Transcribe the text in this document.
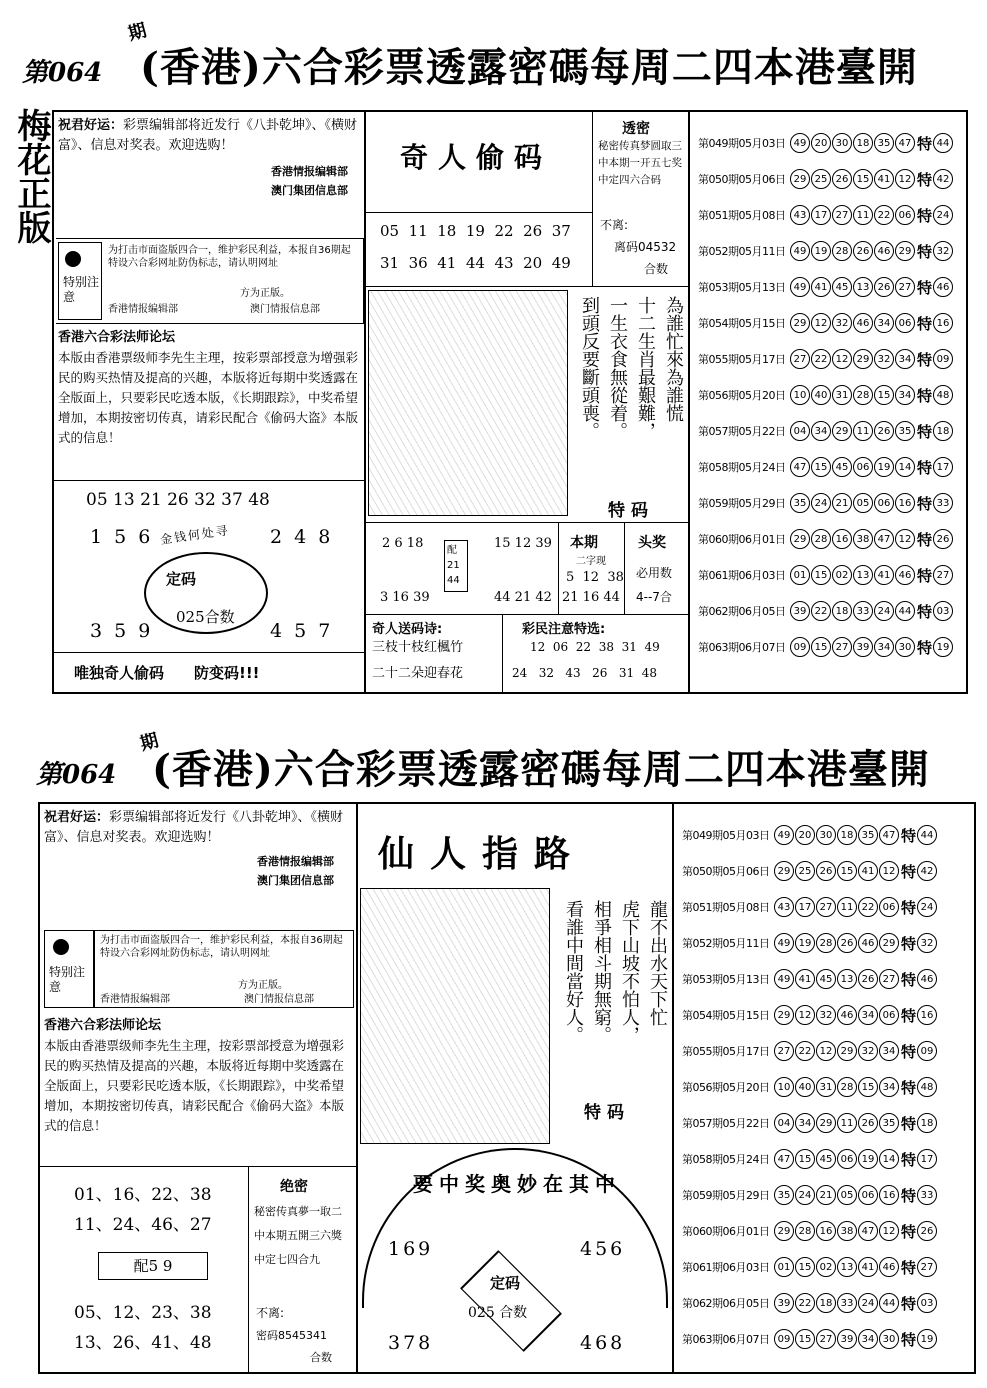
第064
期
(香港)六合彩票透露密碼每周二四本港臺開
梅花正版 祝君好运：彩票编辑部将近发行《八卦乾坤》、《横财富》、信息对奖表。欢迎选购！
香港情报编辑部
澳门集团信息部
特别注意
为打击市面盗版四合一，维护彩民利益，本报自36期起特设六合彩网址防伪标志，请认明网址
方为正版。
香港情报编辑部	澳门情报信息部
香港六合彩法师论坛
本版由香港票级师李先生主理，按彩票部授意为增强彩民的购买热情及提高的兴趣，本版将近每期中奖透露在全版面上，只要彩民吃透本版，《长期跟踪》，中奖希望增加，本期按密切传真，请彩民配合《偷码大盗》本版式的信息！
05 13 21 26 32 37 48
1 5 6	2 4 8
金钱何处寻
定码
025合数
3 5 9	4 5 7
唯独奇人偷码　　防变码!!!
奇人偷码
05  11  18  19  22  26  37
31  36  41  44  43  20  49
透密
秘密传真梦圆取三中本期一开五七奖中定四六合码
不离:
离码04532
合数
為誰忙來為誰慌
十二生肖最艱難，
一生衣食無從着。
到頭反要斷頭喪。
特码
2 6 18
3 16 39
配21 44
15 12 39
44 21 42
本期
二字现
5  12  38
21 16 44
头奖
必用数
4--7合
奇人送码诗:
三枝十枝红楓竹
二十二朵迎春花
彩民注意特选:
12  06  22  38  31  49
24   32   43   26   31  48
第049期05月03日 49 20 30 18 35 47 特 44
第050期05月06日 29 25 26 15 41 12 特 42
第051期05月08日 43 17 27 11 22 06 特 24
第052期05月11日 49 19 28 26 46 29 特 32
第053期05月13日 49 41 45 13 26 27 特 46
第054期05月15日 29 12 32 46 34 06 特 16
第055期05月17日 27 22 12 29 32 34 特 09
第056期05月20日 10 40 31 28 15 34 特 48
第057期05月22日 04 34 29 11 26 35 特 18
第058期05月24日 47 15 45 06 19 14 特 17
第059期05月29日 35 24 21 05 06 16 特 33
第060期06月01日 29 28 16 38 47 12 特 26
第061期06月03日 01 15 02 13 41 46 特 27
第062期06月05日 39 22 18 33 24 44 特 03
第063期06月07日 09 15 27 39 34 30 特 19
第064
期
(香港)六合彩票透露密碼每周二四本港臺開
祝君好运：彩票编辑部将近发行《八卦乾坤》、《横财富》、信息对奖表。欢迎选购！
香港情报编辑部
澳门集团信息部
特别注意
为打击市面盗版四合一，维护彩民利益，本报自36期起特设六合彩网址防伪标志，请认明网址
方为正版。
香港情报编辑部	澳门情报信息部
香港六合彩法师论坛
本版由香港票级师李先生主理，按彩票部授意为增强彩民的购买热情及提高的兴趣，本版将近每期中奖透露在全版面上，只要彩民吃透本版，《长期跟踪》，中奖希望增加，本期按密切传真，请彩民配合《偷码大盗》本版式的信息！
01、16、22、38
11、24、46、27
配5 9
05、12、23、38
13、26、41、48
绝密
秘密传真夢一取二中本期五開三六獎中定七四合九
不离:
密码8545341
合数
仙人指路
龍不出水天下忙
虎下山坡不怕人，
相爭相斗期無窮。
看誰中間當好人。
特码
要中奖奥妙在其中
169	456
定码
025 合数
378	468
第049期05月03日 49 20 30 18 35 47 特 44
第050期05月06日 29 25 26 15 41 12 特 42
第051期05月08日 43 17 27 11 22 06 特 24
第052期05月11日 49 19 28 26 46 29 特 32
第053期05月13日 49 41 45 13 26 27 特 46
第054期05月15日 29 12 32 46 34 06 特 16
第055期05月17日 27 22 12 29 32 34 特 09
第056期05月20日 10 40 31 28 15 34 特 48
第057期05月22日 04 34 29 11 26 35 特 18
第058期05月24日 47 15 45 06 19 14 特 17
第059期05月29日 35 24 21 05 06 16 特 33
第060期06月01日 29 28 16 38 47 12 特 26
第061期06月03日 01 15 02 13 41 46 特 27
第062期06月05日 39 22 18 33 24 44 特 03
第063期06月07日 09 15 27 39 34 30 特 19
